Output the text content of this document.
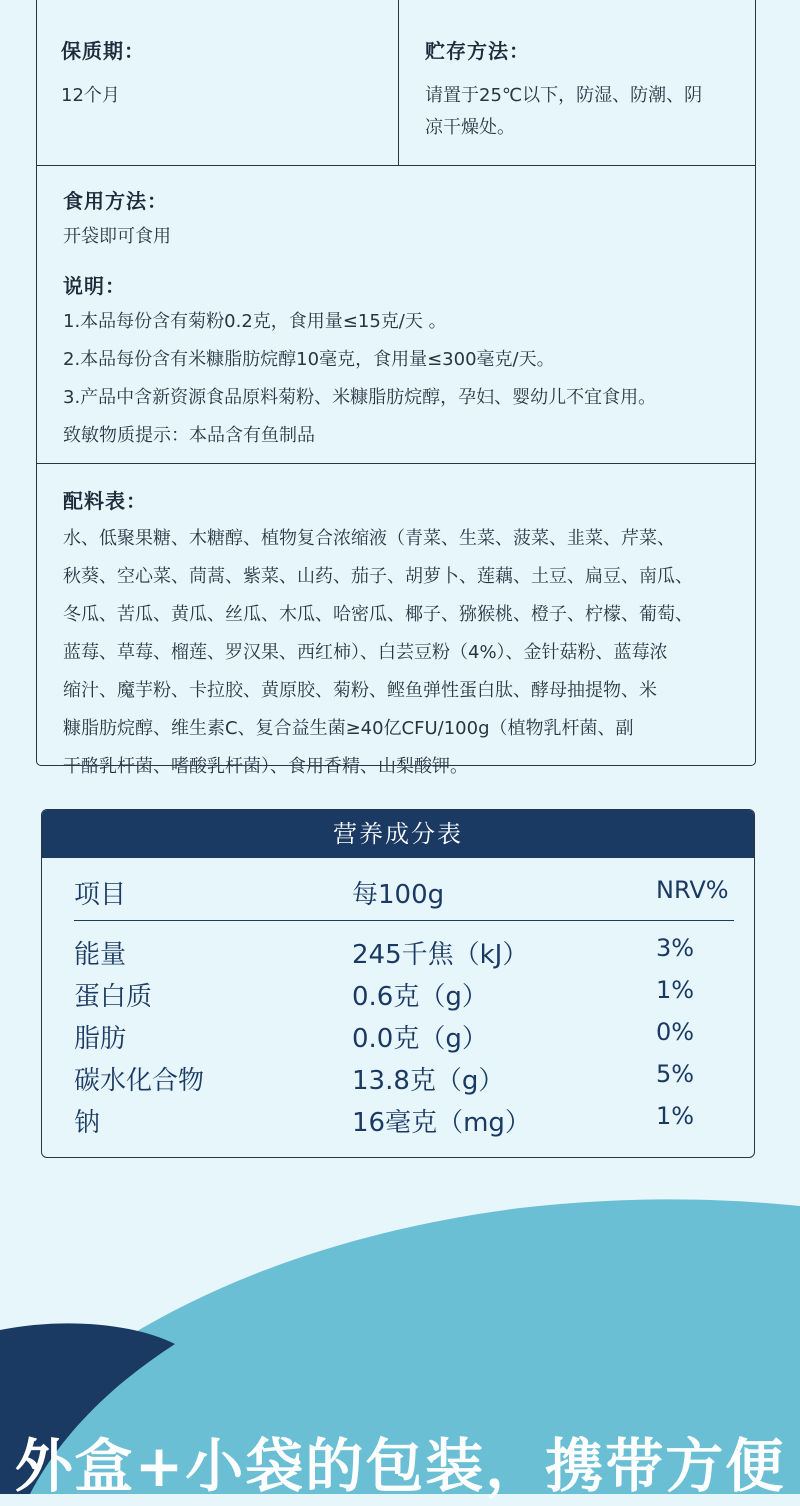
保质期：
12个月
贮存方法：
请置于25℃以下，防湿、防潮、阴
凉干燥处。
食用方法：
开袋即可食用
说明：
1.本品每份含有菊粉0.2克，食用量≤15克/天 。
2.本品每份含有米糠脂肪烷醇10毫克，食用量≤300毫克/天。
3.产品中含新资源食品原料菊粉、米糠脂肪烷醇，孕妇、婴幼儿不宜食用。
致敏物质提示：本品含有鱼制品
配料表：
水、低聚果糖、木糖醇、植物复合浓缩液（青菜、生菜、菠菜、韭菜、芹菜、
秋葵、空心菜、茼蒿、紫菜、山药、茄子、胡萝卜、莲藕、土豆、扁豆、南瓜、
冬瓜、苦瓜、黄瓜、丝瓜、木瓜、哈密瓜、椰子、猕猴桃、橙子、柠檬、葡萄、
蓝莓、草莓、榴莲、罗汉果、西红柿）、白芸豆粉（4%）、金针菇粉、蓝莓浓
缩汁、魔芋粉、卡拉胶、黄原胶、菊粉、鲣鱼弹性蛋白肽、酵母抽提物、米
糠脂肪烷醇、维生素C、复合益生菌≥40亿CFU/100g（植物乳杆菌、副
干酪乳杆菌、嗜酸乳杆菌）、食用香精、山梨酸钾。
营养成分表
项目	每100g	NRV%
能量	245千焦（kJ）	3%
蛋白质	0.6克（g）	1%
脂肪	0.0克（g）	0%
碳水化合物	13.8克（g）	5%
钠	16毫克（mg）	1%
外盒+小袋的包装，携带方便
